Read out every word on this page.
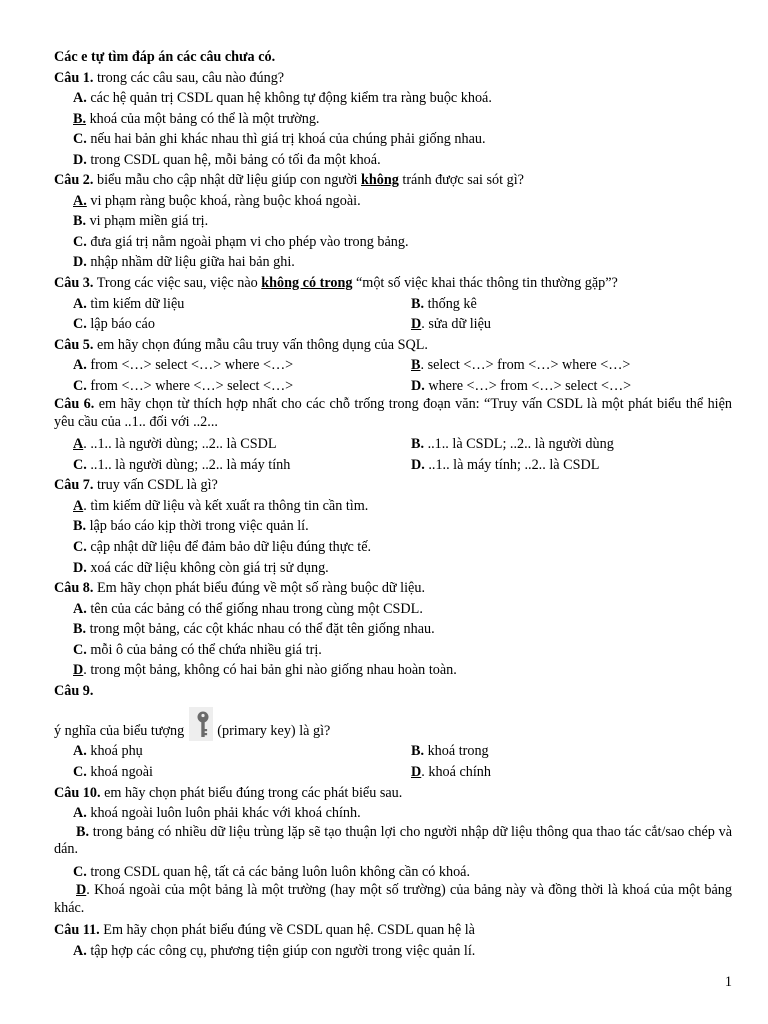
Các e tự tìm đáp án các câu chưa có.
Câu 1. trong các câu sau, câu nào đúng?
A. các hệ quản trị CSDL quan hệ không tự động kiểm tra ràng buộc khoá.
B. khoá của một bảng có thể là một trường.
C. nếu hai bản ghi khác nhau thì giá trị khoá của chúng phải giống nhau.
D. trong CSDL quan hệ, mỗi bảng có tối đa một khoá.
Câu 2. biểu mẫu cho cập nhật dữ liệu giúp con người không tránh được sai sót gì?
A. vi phạm ràng buộc khoá, ràng buộc khoá ngoài.
B. vi phạm miền giá trị.
C. đưa giá trị nằm ngoài phạm vi cho phép vào trong bảng.
D. nhập nhầm dữ liệu giữa hai bản ghi.
Câu 3. Trong các việc sau, việc nào không có trong “một số việc khai thác thông tin thường gặp”?
A. tìm kiếm dữ liệu	B. thống kê
C. lập báo cáo	D. sửa dữ liệu
Câu 5. em hãy chọn đúng mẫu câu truy vấn thông dụng của SQL.
A. from <…> select <…> where <…>	B. select <…> from <…> where <…>
C. from <…> where <…> select <…>	D. where <…> from <…> select <…>
Câu 6. em hãy chọn từ thích hợp nhất cho các chỗ trống trong đoạn văn: “Truy vấn CSDL là một phát biểu thể hiện yêu cầu của ..1.. đối với ..2...
A. ..1.. là người dùng; ..2.. là CSDL	B. ..1.. là CSDL; ..2.. là người dùng
C. ..1.. là người dùng; ..2.. là máy tính	D. ..1.. là máy tính; ..2.. là CSDL
Câu 7. truy vấn CSDL là gì?
A. tìm kiếm dữ liệu và kết xuất ra thông tin cần tìm.
B. lập báo cáo kịp thời trong việc quản lí.
C. cập nhật dữ liệu để đảm bảo dữ liệu đúng thực tế.
D. xoá các dữ liệu không còn giá trị sử dụng.
Câu 8. Em hãy chọn phát biểu đúng về một số ràng buộc dữ liệu.
A. tên của các bảng có thể giống nhau trong cùng một CSDL.
B. trong một bảng, các cột khác nhau có thể đặt tên giống nhau.
C. mỗi ô của bảng có thể chứa nhiều giá trị.
D. trong một bảng, không có hai bản ghi nào giống nhau hoàn toàn.
Câu 9.
ý nghĩa của biểu tượng (primary key) là gì?
A. khoá phụ	B. khoá trong
C. khoá ngoài	D. khoá chính
Câu 10. em hãy chọn phát biểu đúng trong các phát biểu sau.
A. khoá ngoài luôn luôn phải khác với khoá chính.
B. trong bảng có nhiều dữ liệu trùng lặp sẽ tạo thuận lợi cho người nhập dữ liệu thông qua thao tác cắt/sao chép và dán.
C. trong CSDL quan hệ, tất cả các bảng luôn luôn không cần có khoá.
D. Khoá ngoài của một bảng là một trường (hay một số trường) của bảng này và đồng thời là khoá của một bảng khác.
Câu 11. Em hãy chọn phát biểu đúng về CSDL quan hệ. CSDL quan hệ là
A. tập hợp các công cụ, phương tiện giúp con người trong việc quản lí.
1
